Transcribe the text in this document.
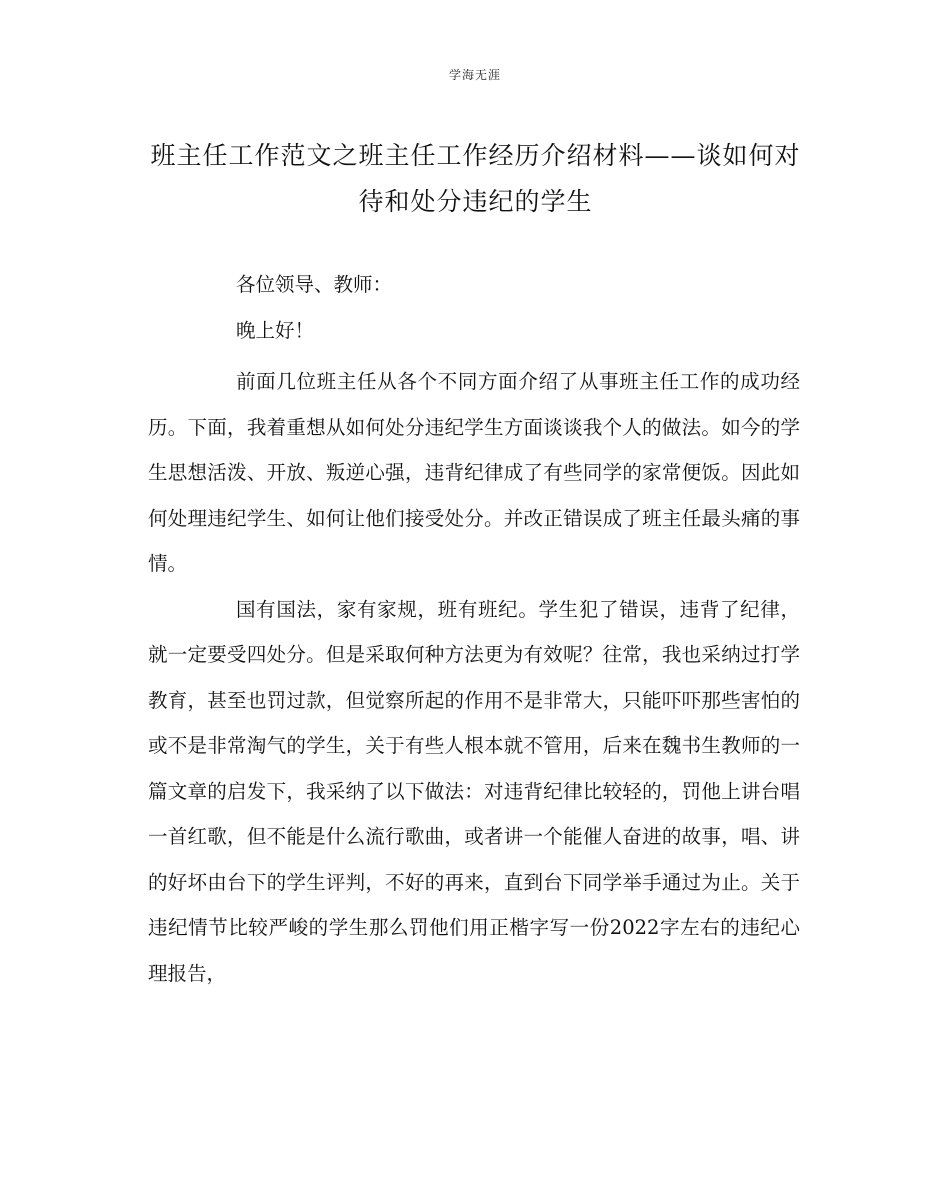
学海无涯
班主任工作范文之班主任工作经历介绍材料——谈如何对待和处分违纪的学生

各位领导、教师：

晚上好！

前面几位班主任从各个不同方面介绍了从事班主任工作的成功经历。下面，我着重想从如何处分违纪学生方面谈谈我个人的做法。如今的学生思想活泼、开放、叛逆心强，违背纪律成了有些同学的家常便饭。因此如何处理违纪学生、如何让他们接受处分。并改正错误成了班主任最头痛的事情。

国有国法，家有家规，班有班纪。学生犯了错误，违背了纪律，就一定要受四处分。但是采取何种方法更为有效呢？往常，我也采纳过打学教育，甚至也罚过款，但觉察所起的作用不是非常大，只能吓吓那些害怕的或不是非常淘气的学生，关于有些人根本就不管用，后来在魏书生教师的一篇文章的启发下，我采纳了以下做法：对违背纪律比较轻的，罚他上讲台唱一首红歌，但不能是什么流行歌曲，或者讲一个能催人奋进的故事，唱、讲的好坏由台下的学生评判，不好的再来，直到台下同学举手通过为止。关于违纪情节比较严峻的学生那么罚他们用正楷字写一份2022字左右的违纪心理报告，
